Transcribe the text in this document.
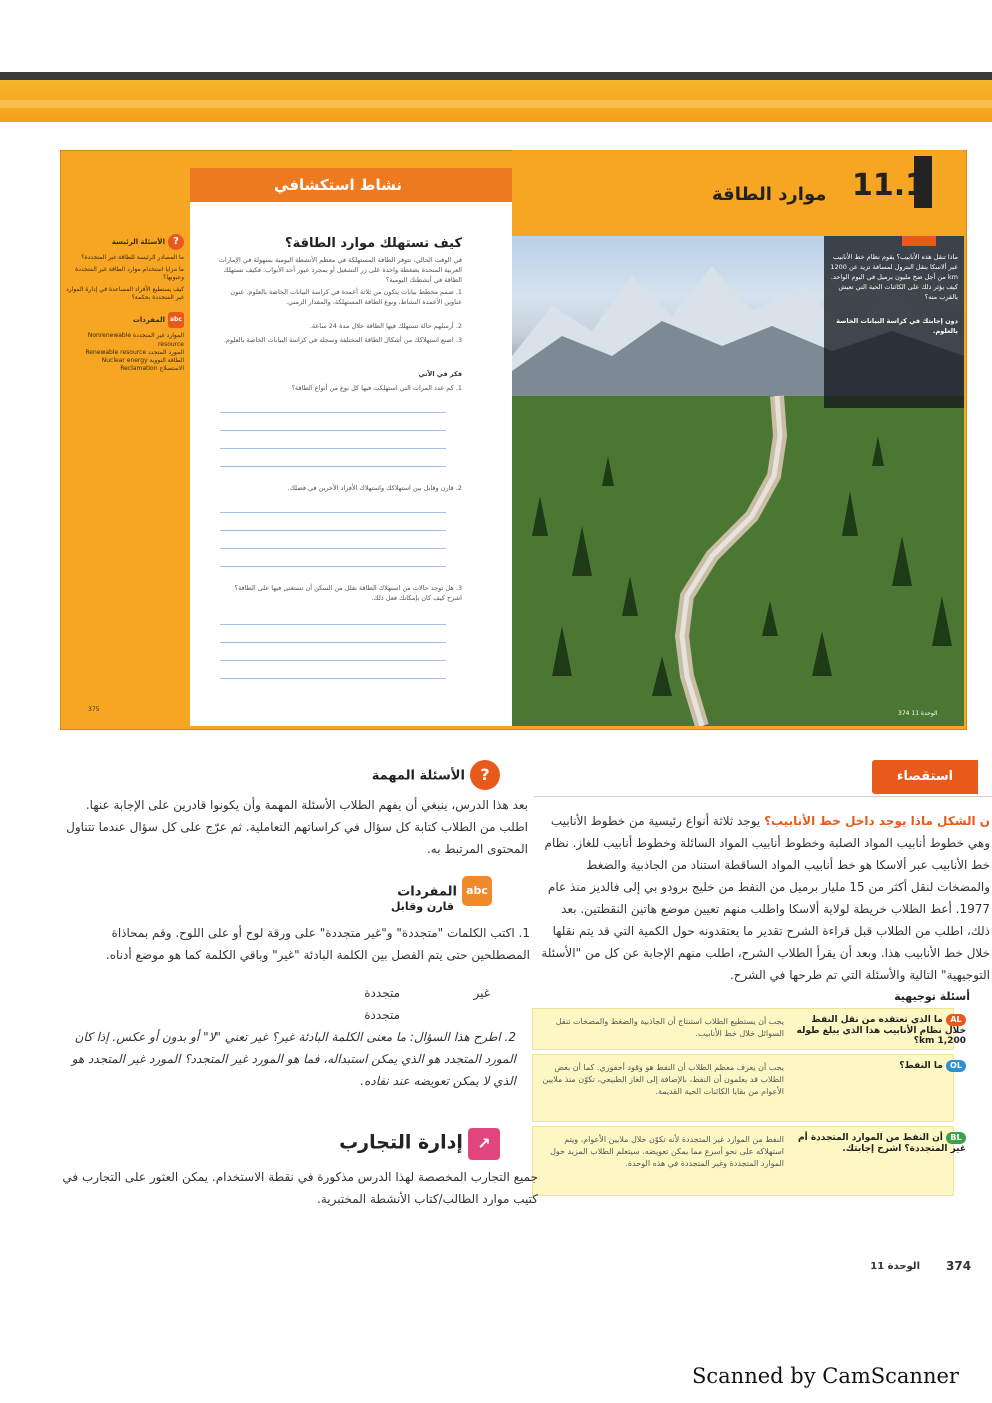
?الأسئلة الرئيسة
ما المصادر الرئيسة للطاقة غير المتجددة؟
ما مزايا استخدام موارد الطاقة غير المتجددة وعيوبها؟
كيف يستطيع الأفراد المساعدة في إدارة الموارد غير المتجددة بحكمة؟
abcالمفردات
الموارد غير المتجددة Nonrenewable resource
المورد المتجدد Renewable resource
الطاقة النووية Nuclear energy
الاستصلاح Reclamation
نشاط استكشافي
كيف تستهلك موارد الطاقة؟
في الوقت الحالي، تتوفر الطاقة المستهلكة في معظم الأنشطة اليومية بسهولة في الإمارات العربية المتحدة بضغطة واحدة على زر التشغيل أو بمجرد عبور أحد الأبواب. فكيف تستهلك الطاقة في أنشطتك اليومية؟
1. صمم مخطط بيانات يتكون من ثلاثة أعمدة في كراسة البيانات الخاصة بالعلوم. عنون عناوين الأعمدة النشاط، ونوع الطاقة المستهلكة، والمقدار الزمني.
2. أرسلهم حالة تستهلك فيها الطاقة خلال مدة 24 ساعة.
3. اصنع استهلاكك من أشكال الطاقة المختلفة وسجله في كراسة البيانات الخاصة بالعلوم.
فكر في الآتي
1. كم عدد المرات التي استهلكت فيها كل نوع من أنواع الطاقة؟
2. قارن وقابل بين استهلاكك واستهلاك الأفراد الآخرين في فصلك.
3. هل توجد حالات من استهلاك الطاقة تقلل من السكن أن تستغنى فيها على الطاقة؟ اشرح كيف كان بإمكانك فعل ذلك.
375
11.1
موارد الطاقة
ماذا تنقل هذه الأنابيب؟ يقوم نظام خط الأنابيب عبر ألاسكا بنقل البترول لمسافة تزيد عن 1200 km من أجل ضخ مليون برميل في اليوم الواحد. كيف يؤثر ذلك على الكائنات الحية التي تعيش بالقرب منه؟
دون إجابتك في كراسة البيانات الخاصة بالعلوم.
الوحدة 11 374
استقصاء
ن الشكل ماذا يوجد داخل خط الأنابيب؟ يوجد ثلاثة أنواع رئيسية من خطوط الأنابيب وهي خطوط أنابيب المواد الصلبة وخطوط أنابيب المواد السائلة وخطوط أنابيب للغاز. نظام خط الأنابيب عبر ألاسكا هو خط أنابيب المواد الساقطة استناد من الجاذبية والضغط والمضخات لنقل أكثر من 15 مليار برميل من النفط من خليج برودو بي إلى فالديز منذ عام 1977. أعط الطلاب خريطة لولاية ألاسكا واطلب منهم تعيين موضع هاتين النقطتين. بعد ذلك، اطلب من الطلاب قبل قراءة الشرح تقدير ما يعتقدونه حول الكمية التي قد يتم نقلها خلال خط الأنابيب هذا. وبعد أن يقرأ الطلاب الشرح، اطلب منهم الإجابة عن كل من "الأسئلة التوجيهية" التالية والأسئلة التي تم طرحها في الشرح.
أسئلة توجيهية
AL ما الذي تعتقده من نقل النفط خلال نظام الأنابيب هذا الذي يبلغ طوله 1,200 km؟
يجب أن يستطيع الطلاب استنتاج أن الجاذبية والضغط والمضخات تنقل السوائل خلال خط الأنابيب.
OL ما النفط؟
يجب أن يعرف معظم الطلاب أن النفط هو وقود أحفوري. كما أن بعض الطلاب قد يعلمون أن النفط، بالإضافة إلى الغاز الطبيعي، تكوّن منذ ملايين الأعوام من بقايا الكائنات الحية القديمة.
BL أن النفط من الموارد المتجددة أم غير المتجددة؟ اشرح إجابتك.
النفط من الموارد غير المتجددة لأنه تكوّن خلال ملايين الأعوام، ويتم استهلاكه على نحو أسرع مما يمكن تعويضه. سيتعلم الطلاب المزيد حول الموارد المتجددة وغير المتجددة في هذه الوحدة.
? الأسئلة المهمة
بعد هذا الدرس، ينبغي أن يفهم الطلاب الأسئلة المهمة وأن يكونوا قادرين على الإجابة عنها. اطلب من الطلاب كتابة كل سؤال في كراساتهم التعاملية. ثم عرّج على كل سؤال عندما تتناول المحتوى المرتبط به.
abc المفردات
قارن وقابل
1. اكتب الكلمات "متجددة" و"غير متجددة" على ورقة لوح أو على اللوح. وقم بمحاذاة المصطلحين حتى يتم الفصل بين الكلمة البادئة "غير" وباقي الكلمة كما هو موضع أدناه.
غير
متجددة
متجددة
2. اطرح هذا السؤال: ما معنى الكلمة البادئة غير؟ غير تعني "لا" أو بدون أو عكس. إذا كان المورد المتجدد هو الذي يمكن استبداله، فما هو المورد غير المتجدد؟ المورد غير المتجدد هو الذي لا يمكن تعويضه عند نفاده.
↗ إدارة التجارب
جميع التجارب المخصصة لهذا الدرس مذكورة في نقطة الاستخدام. يمكن العثور على التجارب في كتيب موارد الطالب/كتاب الأنشطة المختبرية.
374
الوحدة 11
Scanned by CamScanner
